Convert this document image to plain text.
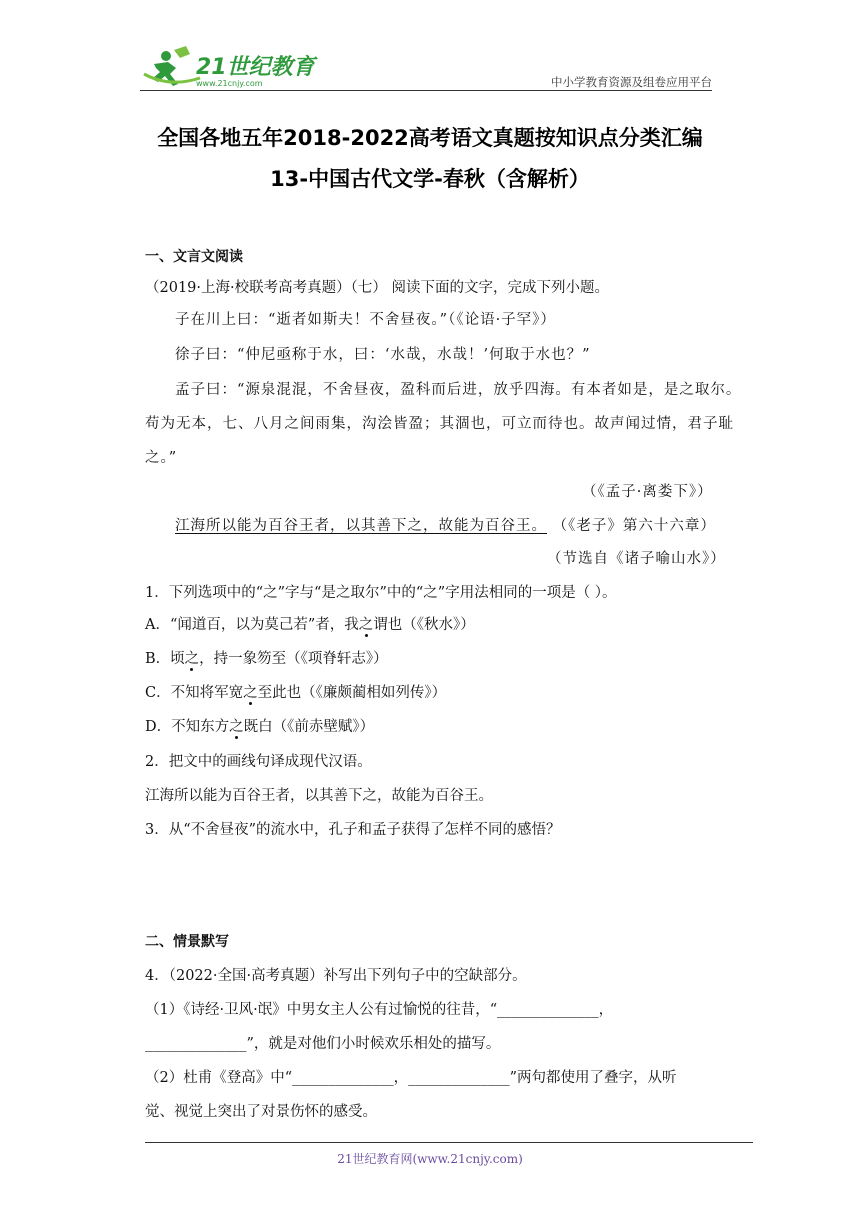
21世纪教育
www.21cnjy.com	中小学教育资源及组卷应用平台
全国各地五年2018-2022高考语文真题按知识点分类汇编
13-中国古代文学-春秋（含解析）
一、文言文阅读
（2019·上海·校联考高考真题）（七） 阅读下面的文字，完成下列小题。
子在川上曰：“逝者如斯夫！不舍昼夜。”（《论语·子罕》）
徐子曰：“仲尼亟称于水，曰：‘水哉，水哉！’何取于水也？”
孟子曰：“源泉混混，不舍昼夜，盈科而后进，放乎四海。有本者如是，是之取尔。
苟为无本，七、八月之间雨集，沟浍皆盈；其涸也，可立而待也。故声闻过情，君子耻
之。”
（《孟子·离娄下》）
江海所以能为百谷王者，以其善下之，故能为百谷王。 （《老子》第六十六章）
（节选自《诸子喻山水》）
1．下列选项中的“之”字与“是之取尔”中的“之”字用法相同的一项是（ ）。
A．“闻道百，以为莫己若”者，我之谓也（《秋水》）
B．顷之，持一象笏至（《项脊轩志》）
C．不知将军宽之至此也（《廉颇蔺相如列传》）
D．不知东方之既白（《前赤壁赋》）
2．把文中的画线句译成现代汉语。
江海所以能为百谷王者，以其善下之，故能为百谷王。
3．从“不舍昼夜”的流水中，孔子和孟子获得了怎样不同的感悟？
二、情景默写
4．（2022·全国·高考真题）补写出下列句子中的空缺部分。
（1）《诗经·卫风·氓》中男女主人公有过愉悦的往昔，“______________，
______________”，就是对他们小时候欢乐相处的描写。
（2）杜甫《登高》中“______________，______________”两句都使用了叠字，从听
觉、视觉上突出了对景伤怀的感受。
21世纪教育网(www.21cnjy.com)
